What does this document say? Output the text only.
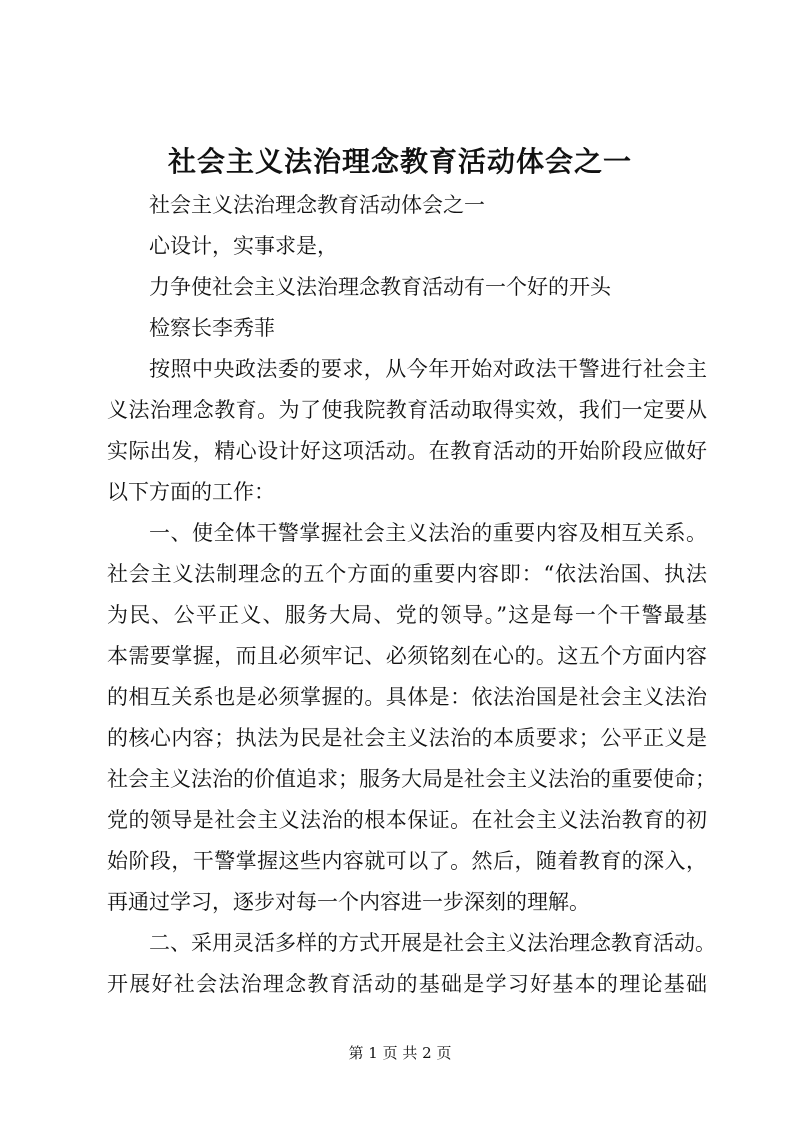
社会主义法治理念教育活动体会之一

社会主义法治理念教育活动体会之一

心设计，实事求是，

力争使社会主义法治理念教育活动有一个好的开头

检察长李秀菲

按照中央政法委的要求，从今年开始对政法干警进行社会主

义法治理念教育。为了使我院教育活动取得实效，我们一定要从

实际出发，精心设计好这项活动。在教育活动的开始阶段应做好

以下方面的工作：

一、使全体干警掌握社会主义法治的重要内容及相互关系。

社会主义法制理念的五个方面的重要内容即：“依法治国、执法

为民、公平正义、服务大局、党的领导。”这是每一个干警最基

本需要掌握，而且必须牢记、必须铭刻在心的。这五个方面内容

的相互关系也是必须掌握的。具体是：依法治国是社会主义法治

的核心内容；执法为民是社会主义法治的本质要求；公平正义是

社会主义法治的价值追求；服务大局是社会主义法治的重要使命；

党的领导是社会主义法治的根本保证。在社会主义法治教育的初

始阶段，干警掌握这些内容就可以了。然后，随着教育的深入，

再通过学习，逐步对每一个内容进一步深刻的理解。

二、采用灵活多样的方式开展是社会主义法治理念教育活动。

开展好社会法治理念教育活动的基础是学习好基本的理论基础

第 1 页 共 2 页
